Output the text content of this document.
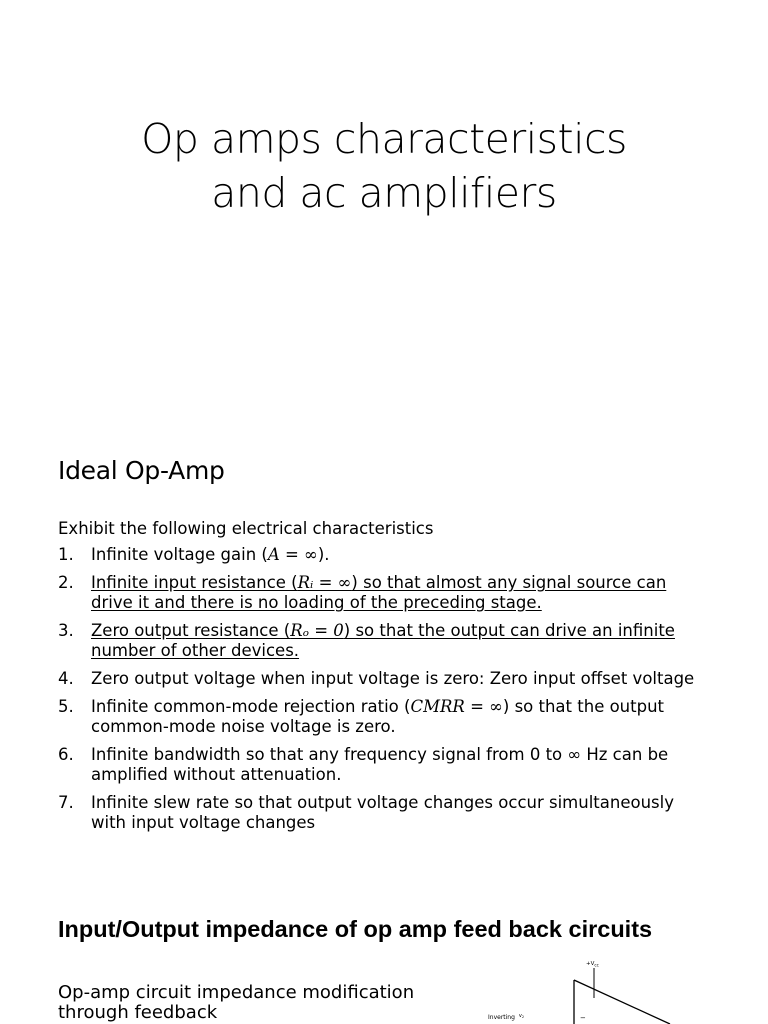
Op amps characteristics
and ac amplifiers
Ideal Op-Amp
Exhibit the following electrical characteristics
1. Infinite voltage gain (A = ∞).
2. Infinite input resistance (Rᵢ = ∞) so that almost any signal source can drive it and there is no loading of the preceding stage.
3. Zero output resistance (Rₒ = 0) so that the output can drive an infinite number of other devices.
4. Zero output voltage when input voltage is zero: Zero input offset voltage
5. Infinite common-mode rejection ratio (CMRR = ∞) so that the output common-mode noise voltage is zero.
6. Infinite bandwidth so that any frequency signal from 0 to ∞ Hz can be amplified without attenuation.
7. Infinite slew rate so that output voltage changes occur simultaneously with input voltage changes
Input/Output impedance of op amp feed back circuits
Op-amp circuit impedance modification through feedback
$+V_{cc}$
Inverting $^v$2	−
